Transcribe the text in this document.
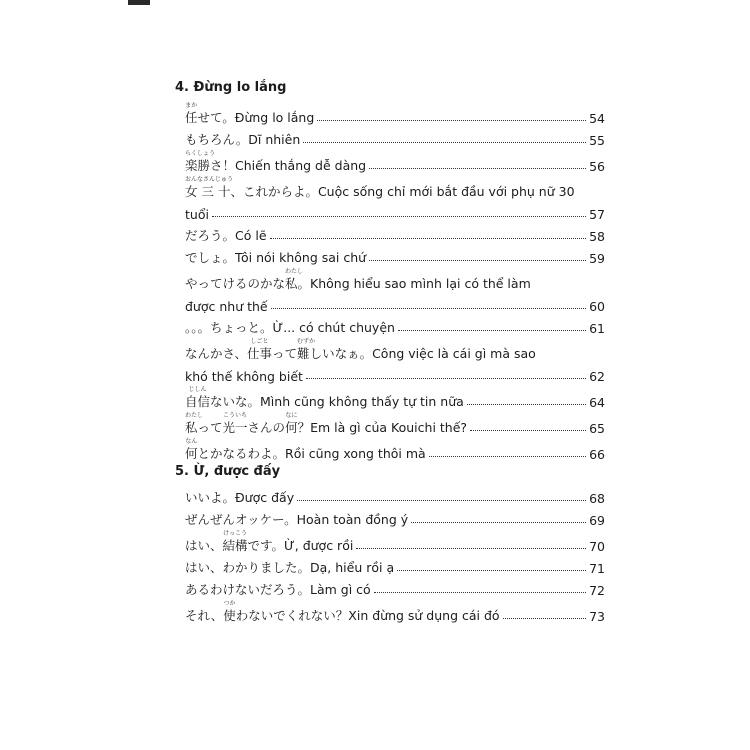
4. Đừng lo lắng
まか
任せて。Đừng lo lắng	54
もちろん。Dĩ nhiên	55
らくしょう
楽勝さ！Chiến thắng dễ dàng	56
おんなさんじゅう
女 三 十、これからよ。Cuộc sống chỉ mới bắt đầu với phụ nữ 30
tuổi	57
だろう。Có lẽ	58
でしょ。Tôi nói không sai chứ	59
やってけるのかな
わたし
私。Không hiểu sao mình lại có thể làm
được như thế	60
。。。ちょっと。Ừ... có chút chuyện	61
なんかさ、
しごと
仕事って
むずか
難しいなぁ。Công việc là cái gì mà sao
khó thế không biết	62
じしん
自信ないな。Mình cũng không thấy tự tin nữa	64
わたし
私って
こういち
光一さんの
なに
何？Em là gì của Kouichi thế?	65
なん
何とかなるわよ。Rồi cũng xong thôi mà	66
5. Ừ, được đấy
いいよ。Được đấy	68
ぜんぜんオッケー。Hoàn toàn đồng ý	69
はい、
けっこう
結構です。Ừ, được rồi	70
はい、わかりました。Dạ, hiểu rồi ạ	71
あるわけないだろう。Làm gì có	72
それ、
つか
使わないでくれない？Xin đừng sử dụng cái đó	73
